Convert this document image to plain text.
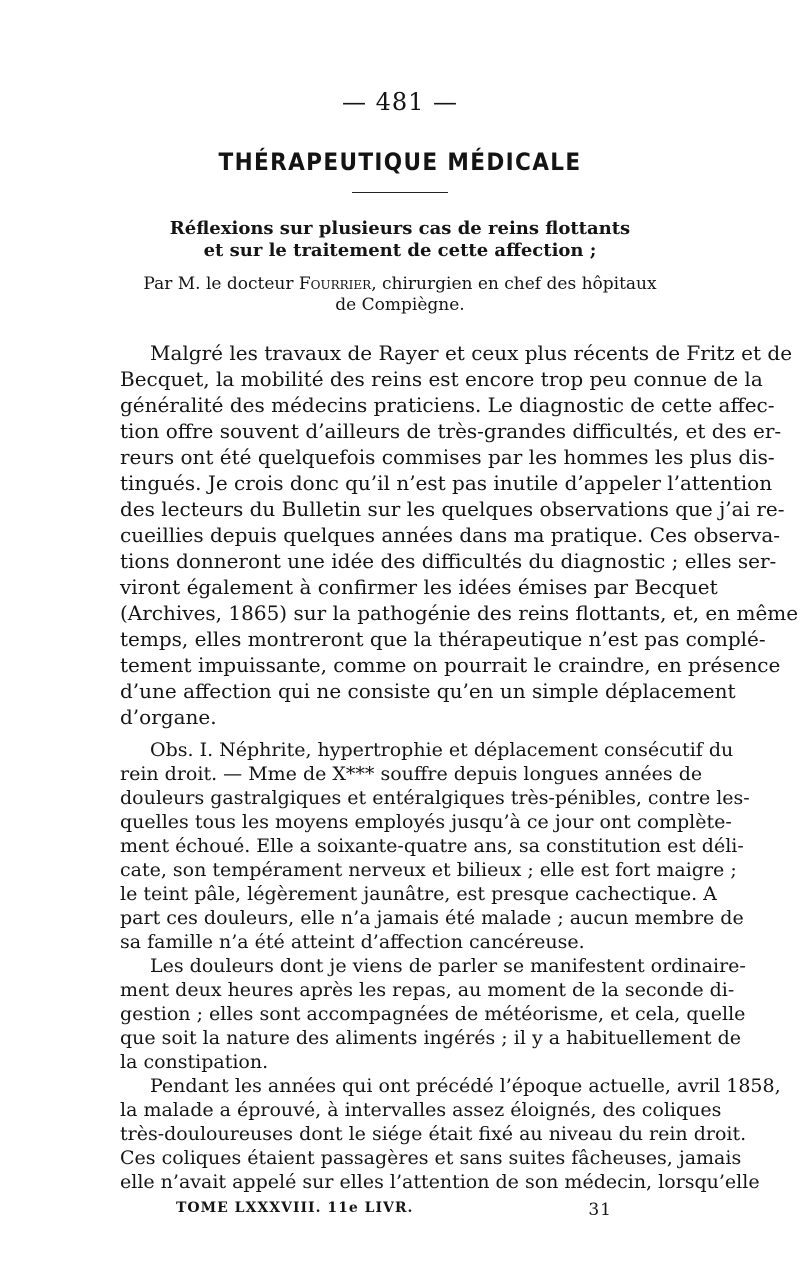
— 481 —
THÉRAPEUTIQUE MÉDICALE
Réflexions sur plusieurs cas de reins flottants
et sur le traitement de cette affection ;
Par M. le docteur Fourrier, chirurgien en chef des hôpitaux
de Compiègne.
Malgré les travaux de Rayer et ceux plus récents de Fritz et de
Becquet, la mobilité des reins est encore trop peu connue de la
généralité des médecins praticiens. Le diagnostic de cette affec-
tion offre souvent d’ailleurs de très-grandes difficultés, et des er-
reurs ont été quelquefois commises par les hommes les plus dis-
tingués. Je crois donc qu’il n’est pas inutile d’appeler l’attention
des lecteurs du Bulletin sur les quelques observations que j’ai re-
cueillies depuis quelques années dans ma pratique. Ces observa-
tions donneront une idée des difficultés du diagnostic ; elles ser-
viront également à confirmer les idées émises par Becquet
(Archives, 1865) sur la pathogénie des reins flottants, et, en même
temps, elles montreront que la thérapeutique n’est pas complé-
tement impuissante, comme on pourrait le craindre, en présence
d’une affection qui ne consiste qu’en un simple déplacement
d’organe.
Obs. I. Néphrite, hypertrophie et déplacement consécutif du
rein droit. — Mme de X*** souffre depuis longues années de
douleurs gastralgiques et entéralgiques très-pénibles, contre les-
quelles tous les moyens employés jusqu’à ce jour ont complète-
ment échoué. Elle a soixante-quatre ans, sa constitution est déli-
cate, son tempérament nerveux et bilieux ; elle est fort maigre ;
le teint pâle, légèrement jaunâtre, est presque cachectique. A
part ces douleurs, elle n’a jamais été malade ; aucun membre de
sa famille n’a été atteint d’affection cancéreuse.
Les douleurs dont je viens de parler se manifestent ordinaire-
ment deux heures après les repas, au moment de la seconde di-
gestion ; elles sont accompagnées de météorisme, et cela, quelle
que soit la nature des aliments ingérés ; il y a habituellement de
la constipation.
Pendant les années qui ont précédé l’époque actuelle, avril 1858,
la malade a éprouvé, à intervalles assez éloignés, des coliques
très-douloureuses dont le siége était fixé au niveau du rein droit.
Ces coliques étaient passagères et sans suites fâcheuses, jamais
elle n’avait appelé sur elles l’attention de son médecin, lorsqu’elle
TOME LXXXVIII. 11e LIVR.	31
